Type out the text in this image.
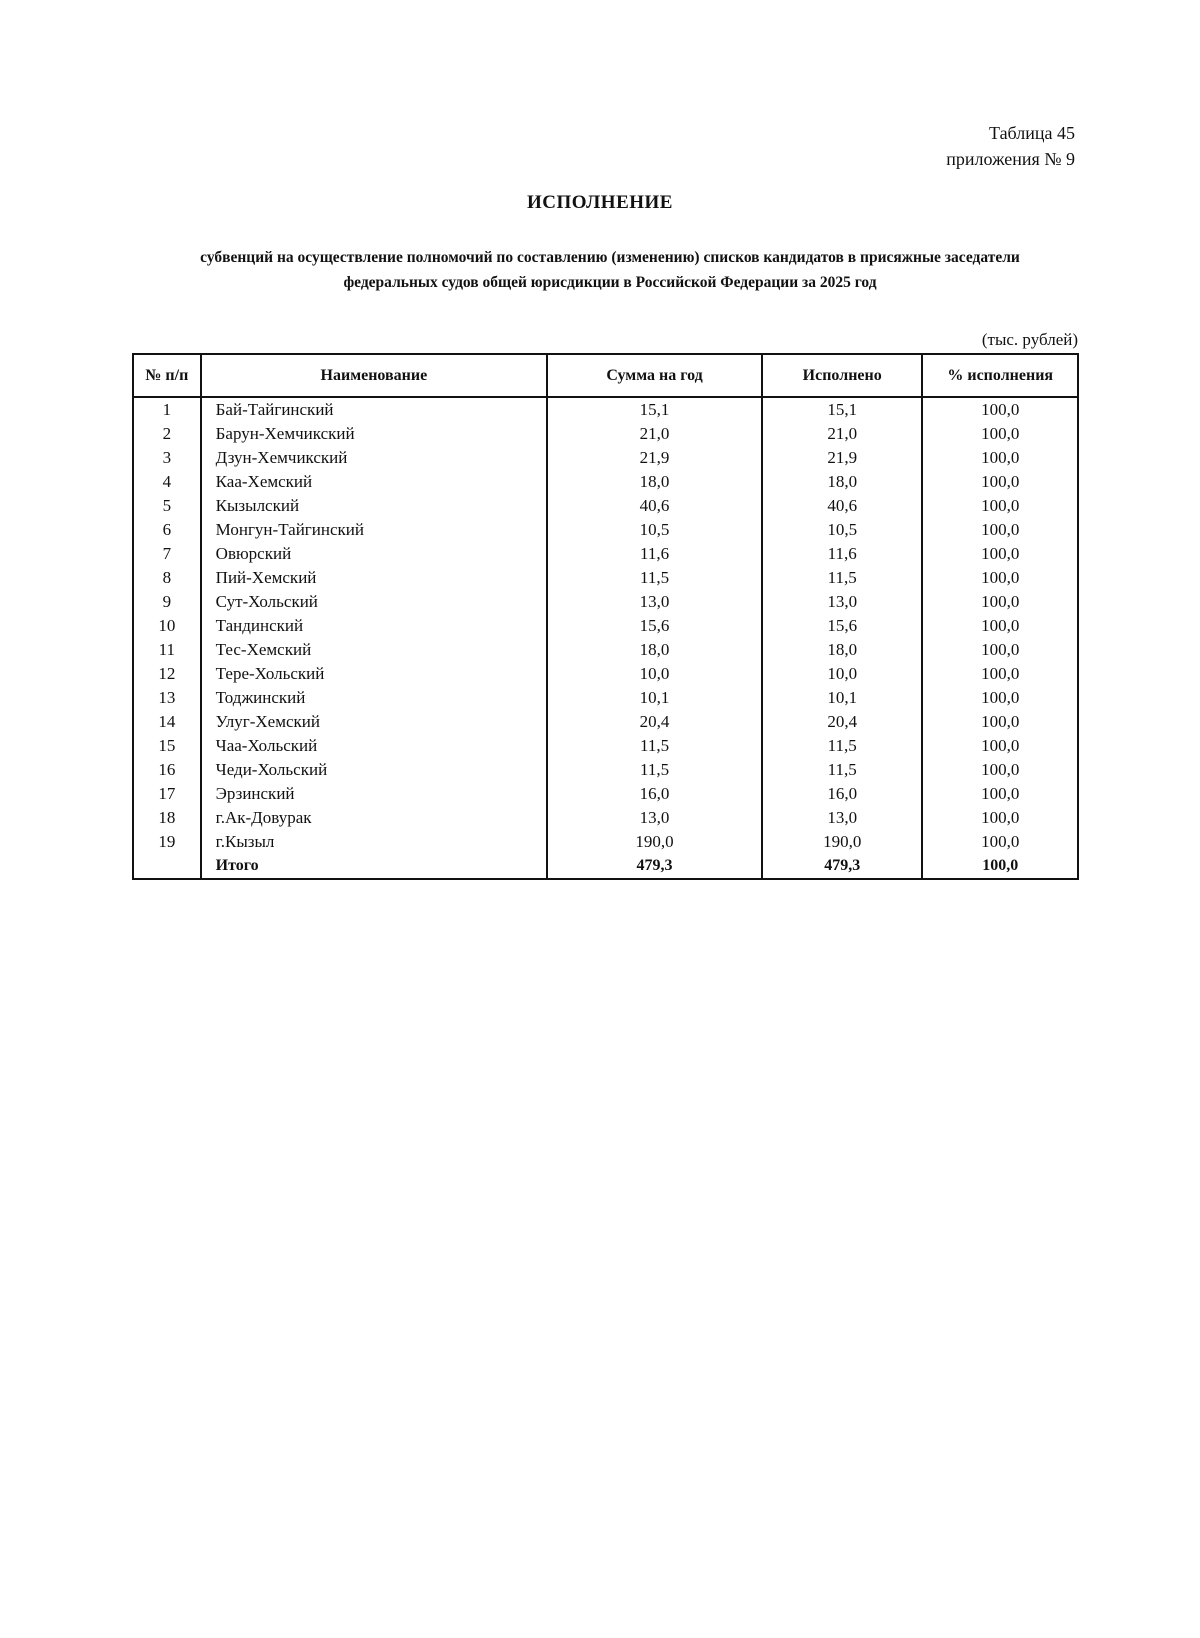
Таблица 45
приложения № 9
ИСПОЛНЕНИЕ
субвенций на осуществление полномочий по составлению (изменению) списков кандидатов в присяжные заседатели
федеральных судов общей юрисдикции в Российской Федерации за 2025 год
(тыс. рублей)
№ п/п	Наименование	Сумма на год	Исполнено	% исполнения
1	Бай-Тайгинский	15,1	15,1	100,0
2	Барун-Хемчикский	21,0	21,0	100,0
3	Дзун-Хемчикский	21,9	21,9	100,0
4	Каа-Хемский	18,0	18,0	100,0
5	Кызылский	40,6	40,6	100,0
6	Монгун-Тайгинский	10,5	10,5	100,0
7	Овюрский	11,6	11,6	100,0
8	Пий-Хемский	11,5	11,5	100,0
9	Сут-Хольский	13,0	13,0	100,0
10	Тандинский	15,6	15,6	100,0
11	Тес-Хемский	18,0	18,0	100,0
12	Тере-Хольский	10,0	10,0	100,0
13	Тоджинский	10,1	10,1	100,0
14	Улуг-Хемский	20,4	20,4	100,0
15	Чаа-Хольский	11,5	11,5	100,0
16	Чеди-Хольский	11,5	11,5	100,0
17	Эрзинский	16,0	16,0	100,0
18	г.Ак-Довурак	13,0	13,0	100,0
19	г.Кызыл	190,0	190,0	100,0
	Итого	479,3	479,3	100,0
